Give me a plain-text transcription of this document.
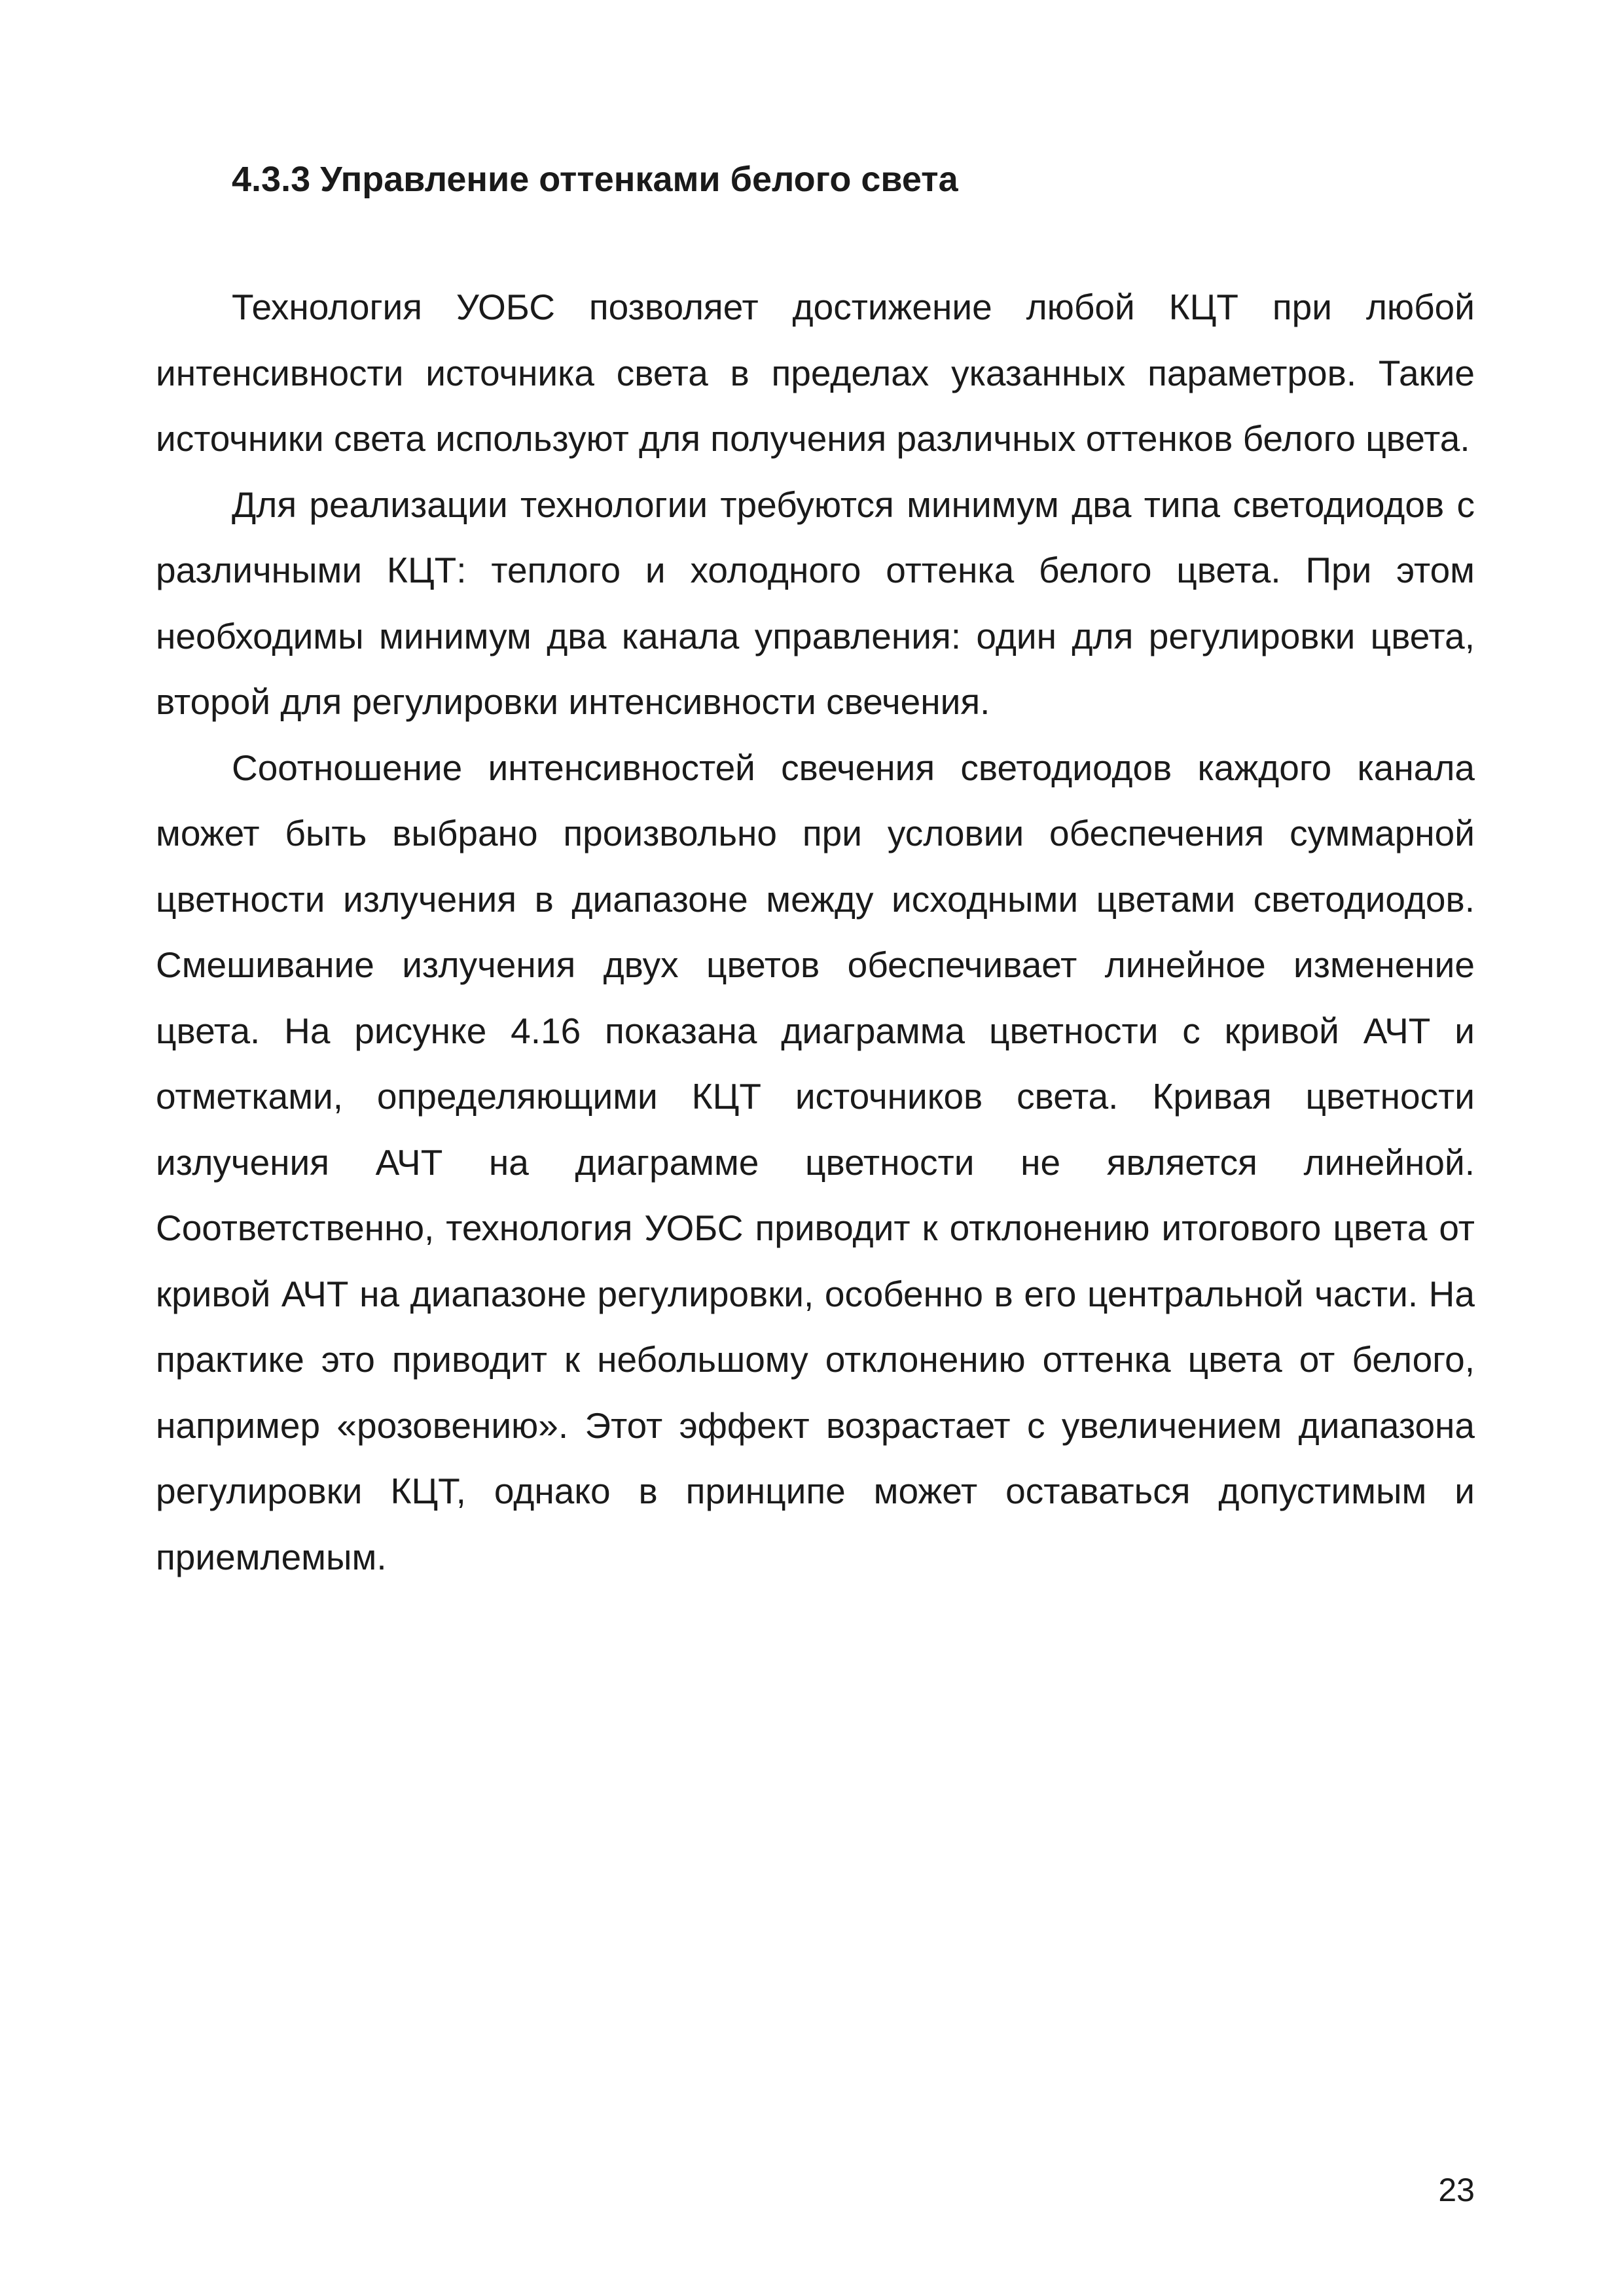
4.3.3 Управление оттенками белого света

Технология УОБС позволяет достижение любой КЦТ при любой интенсивности источника света в пределах указанных параметров. Такие источники света используют для получения различных оттенков белого цвета.

Для реализации технологии требуются минимум два типа светодиодов с различными КЦТ: теплого и холодного оттенка белого цвета. При этом необходимы минимум два канала управления: один для регулировки цвета, второй для регулировки интенсивности свечения.

Соотношение интенсивностей свечения светодиодов каждого канала может быть выбрано произвольно при условии обеспечения суммарной цветности излучения в диапазоне между исходными цветами светодиодов. Смешивание излучения двух цветов обеспечивает линейное изменение цвета. На рисунке 4.16 показана диаграмма цветности с кривой АЧТ и отметками, определяющими КЦТ источников света. Кривая цветности излучения АЧТ на диаграмме цветности не является линейной. Соответственно, технология УОБС приводит к отклонению итогового цвета от кривой АЧТ на диапазоне регулировки, особенно в его центральной части. На практике это приводит к небольшому отклонению оттенка цвета от белого, например «розовению». Этот эффект возрастает с увеличением диапазона регулировки КЦТ, однако в принципе может оставаться допустимым и приемлемым.

23
